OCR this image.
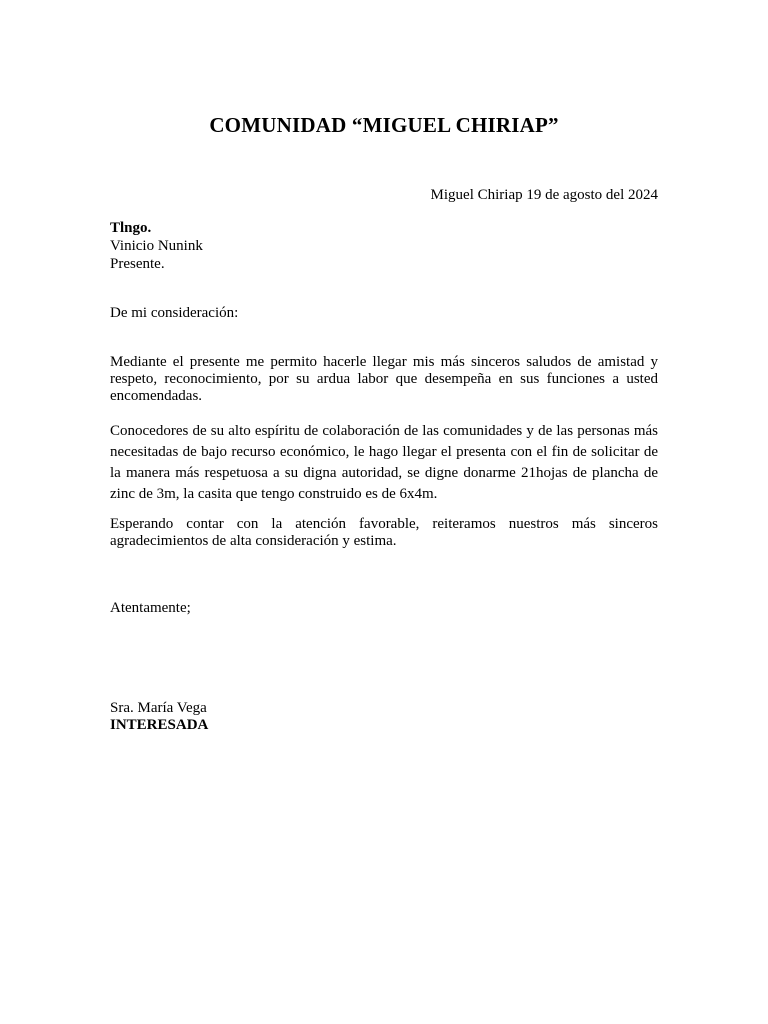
COMUNIDAD “MIGUEL CHIRIAP”
Miguel Chiriap 19 de agosto del 2024
Tlngo.
Vinicio Nunink
Presente.
De mi consideración:
Mediante el presente me permito hacerle llegar mis más sinceros saludos de amistad y respeto, reconocimiento, por su ardua labor que desempeña en sus funciones a usted encomendadas.
Conocedores de su alto espíritu de colaboración de las comunidades y de las personas más necesitadas de bajo recurso económico, le hago llegar el presenta con el fin de solicitar de la manera más respetuosa a su digna autoridad, se digne donarme 21hojas de plancha de zinc de 3m, la casita que tengo construido es de 6x4m.
Esperando contar con la atención favorable, reiteramos nuestros más sinceros agradecimientos de alta consideración y estima.
Atentamente;
Sra. María Vega
INTERESADA
